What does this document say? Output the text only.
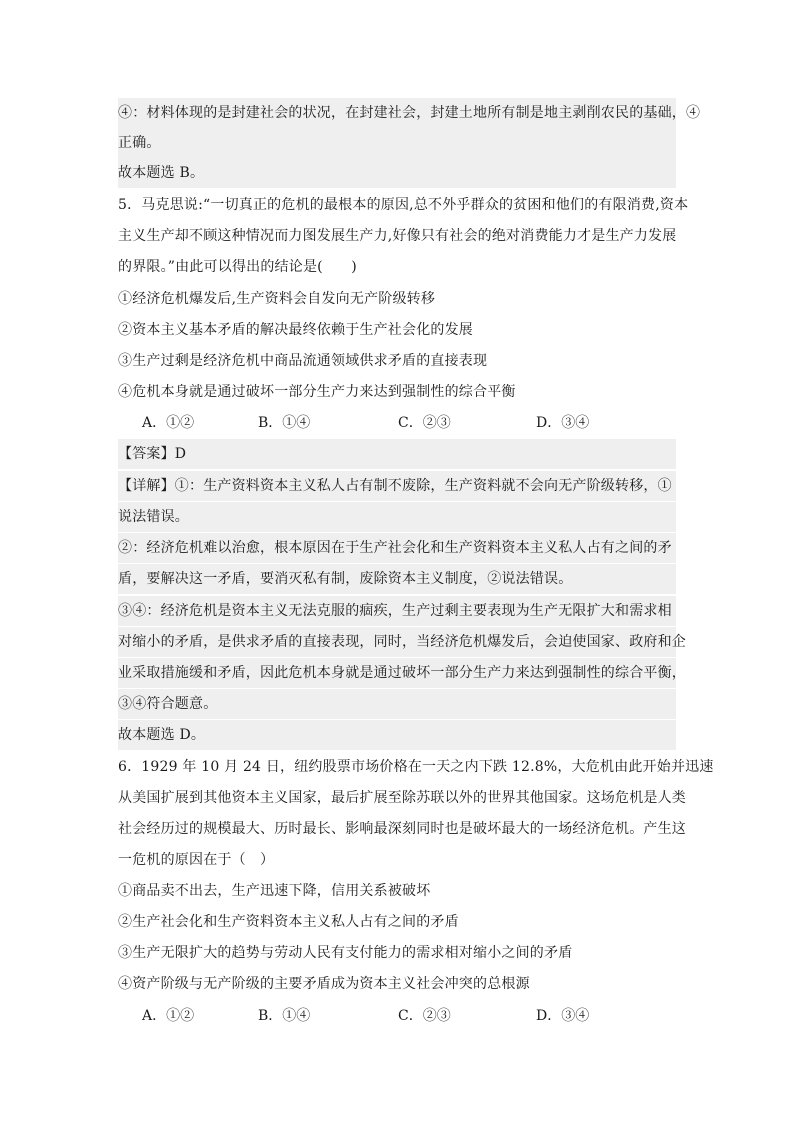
④：材料体现的是封建社会的状况，在封建社会，封建土地所有制是地主剥削农民的基础，④
正确。
故本题选 B。
5．马克思说:“一切真正的危机的最根本的原因,总不外乎群众的贫困和他们的有限消费,资本
主义生产却不顾这种情况而力图发展生产力,好像只有社会的绝对消费能力才是生产力发展
的界限。”由此可以得出的结论是(　　)
①经济危机爆发后,生产资料会自发向无产阶级转移
②资本主义基本矛盾的解决最终依赖于生产社会化的发展
③生产过剩是经济危机中商品流通领域供求矛盾的直接表现
④危机本身就是通过破坏一部分生产力来达到强制性的综合平衡
A．①②	B．①④	C．②③	D．③④
【答案】D
【详解】①：生产资料资本主义私人占有制不废除，生产资料就不会向无产阶级转移，①
说法错误。
②：经济危机难以治愈，根本原因在于生产社会化和生产资料资本主义私人占有之间的矛
盾，要解决这一矛盾，要消灭私有制，废除资本主义制度，②说法错误。
③④：经济危机是资本主义无法克服的痼疾，生产过剩主要表现为生产无限扩大和需求相
对缩小的矛盾，是供求矛盾的直接表现，同时，当经济危机爆发后，会迫使国家、政府和企
业采取措施缓和矛盾，因此危机本身就是通过破坏一部分生产力来达到强制性的综合平衡，
③④符合题意。
故本题选 D。
6．1929 年 10 月 24 日，纽约股票市场价格在一天之内下跌 12.8%，大危机由此开始并迅速
从美国扩展到其他资本主义国家，最后扩展至除苏联以外的世界其他国家。这场危机是人类
社会经历过的规模最大、历时最长、影响最深刻同时也是破坏最大的一场经济危机。产生这
一危机的原因在于（　）
①商品卖不出去，生产迅速下降，信用关系被破坏
②生产社会化和生产资料资本主义私人占有之间的矛盾
③生产无限扩大的趋势与劳动人民有支付能力的需求相对缩小之间的矛盾
④资产阶级与无产阶级的主要矛盾成为资本主义社会冲突的总根源
A．①②	B．①④	C．②③	D．③④
